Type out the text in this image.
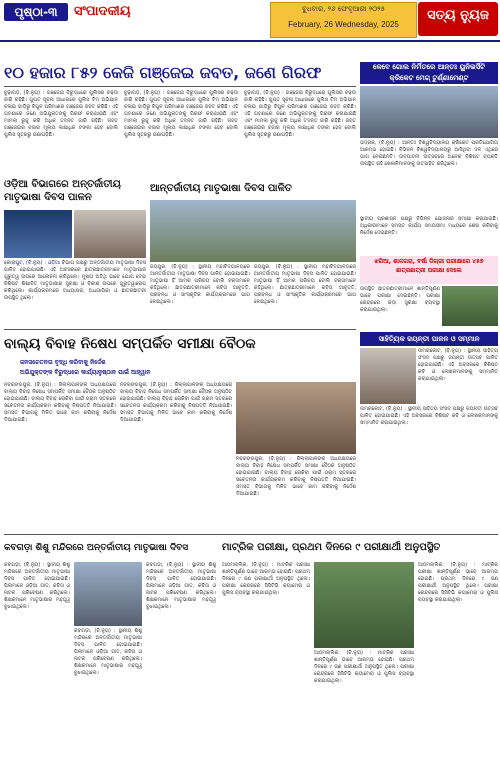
ପୃଷ୍ଠା-୩	ସଂପାଦକୀୟ	ବୁଧବାର, ୨୬ ଫେବୃଆରୀ ୨୦୨୫
February, 26 Wednesday, 2025
ସତ୍ୟ ନ୍ୟୁଜ
୧୦ ହଜାର ୮୫୨ କେଜି ଗଞ୍ଜେଇ ଜବତ, ଜଣେ ଗିରଫ
ବୁଢ଼ାଗଡ଼, (ବି.ନ୍ୟୁ) : ଗଞ୍ଜେଇ ବିରୁଦ୍ଧରେ ପୁଲିସର ଚଢ଼ଉ ଜାରି ରହିଛି। ଗୁପ୍ତ ସୂଚନା ଆଧାରରେ ପୁଲିସ ଟିମ୍ ଅଭିଯାନ ଚଳାଇ ଗାଡ଼ିରୁ ବିପୁଳ ପରିମାଣର ଗଞ୍ଜେଇ ଜବତ କରିଛି। ଏହି ଘଟଣାରେ ଜଣେ ଅଭିଯୁକ୍ତଙ୍କୁ ଗିରଫ କରାଯାଇଛି ଏବଂ ମାମଲା ରୁଜୁ କରି ଅଧିକ ତଦନ୍ତ ଜାରି ରହିଛି। ଜବତ ଗଞ୍ଜେଇର ବଜାର ମୂଲ୍ୟ ଲକ୍ଷାଧିକ ଟଙ୍କା ହେବ ବୋଲି ପୁଲିସ ସୂତ୍ରରୁ ଜଣାପଡ଼ିଛି।
ବୁଢ଼ାଗଡ଼, (ବି.ନ୍ୟୁ) : ଗଞ୍ଜେଇ ବିରୁଦ୍ଧରେ ପୁଲିସର ଚଢ଼ଉ ଜାରି ରହିଛି। ଗୁପ୍ତ ସୂଚନା ଆଧାରରେ ପୁଲିସ ଟିମ୍ ଅଭିଯାନ ଚଳାଇ ଗାଡ଼ିରୁ ବିପୁଳ ପରିମାଣର ଗଞ୍ଜେଇ ଜବତ କରିଛି। ଏହି ଘଟଣାରେ ଜଣେ ଅଭିଯୁକ୍ତଙ୍କୁ ଗିରଫ କରାଯାଇଛି ଏବଂ ମାମଲା ରୁଜୁ କରି ଅଧିକ ତଦନ୍ତ ଜାରି ରହିଛି। ଜବତ ଗଞ୍ଜେଇର ବଜାର ମୂଲ୍ୟ ଲକ୍ଷାଧିକ ଟଙ୍କା ହେବ ବୋଲି ପୁଲିସ ସୂତ୍ରରୁ ଜଣାପଡ଼ିଛି।
ବୁଢ଼ାଗଡ଼, (ବି.ନ୍ୟୁ) : ଗଞ୍ଜେଇ ବିରୁଦ୍ଧରେ ପୁଲିସର ଚଢ଼ଉ ଜାରି ରହିଛି। ଗୁପ୍ତ ସୂଚନା ଆଧାରରେ ପୁଲିସ ଟିମ୍ ଅଭିଯାନ ଚଳାଇ ଗାଡ଼ିରୁ ବିପୁଳ ପରିମାଣର ଗଞ୍ଜେଇ ଜବତ କରିଛି। ଏହି ଘଟଣାରେ ଜଣେ ଅଭିଯୁକ୍ତଙ୍କୁ ଗିରଫ କରାଯାଇଛି ଏବଂ ମାମଲା ରୁଜୁ କରି ଅଧିକ ତଦନ୍ତ ଜାରି ରହିଛି। ଜବତ ଗଞ୍ଜେଇର ବଜାର ମୂଲ୍ୟ ଲକ୍ଷାଧିକ ଟଙ୍କା ହେବ ବୋଲି ପୁଲିସ ସୂତ୍ରରୁ ଜଣାପଡ଼ିଛି।
କେବେ ଗୋଲ ନିର୍ମିତରେ ଆନ୍ତଃ ୟୁନିଭର୍ସିଟି କ୍ରିକେଟ ମେଗ୍ ଟୁର୍ଣ୍ଣାମେଣ୍ଟ
ଭଦ୍ରକ, (ବି.ନ୍ୟୁ) : ଆନ୍ତଃ ବିଶ୍ୱବିଦ୍ୟାଳୟ କ୍ରିକେଟ ପ୍ରତିଯୋଗିତା ଆରମ୍ଭ ହୋଇଛି। ବିଭିନ୍ନ ବିଶ୍ୱବିଦ୍ୟାଳୟରୁ ଆସିଥିବା ଦଳ ଏଥିରେ ଭାଗ ନେଇଛନ୍ତି। ଉଦ୍‌ଘାଟନୀ ଉତ୍ସବରେ ଅନେକ ବିଶିଷ୍ଟ ବ୍ୟକ୍ତି ଉପସ୍ଥିତ ରହି ଖେଳାଳିମାନଙ୍କୁ ଉତ୍ସାହିତ କରିଥିଲେ।
ଓଡ଼ିଆ ବିଭାଗରେ ଅନ୍ତର୍ଜାତୀୟ
ମାତୃଭାଷା ଦିବସ ପାଳନ
କୋରାପୁଟ, (ବି.ନ୍ୟୁ) : ଓଡ଼ିଆ ବିଭାଗ ପକ୍ଷରୁ ଅନ୍ତର୍ଜାତୀୟ ମାତୃଭାଷା ଦିବସ ପାଳିତ ହୋଇଯାଇଛି। ଏହି ଅବସରରେ ଛାତ୍ରଛାତ୍ରୀମାନେ ମାତୃଭାଷାର ଗୁରୁତ୍ୱ ଉପରେ ଆଲୋଚନା କରିଥିଲେ। ମୁଖ୍ୟ ଅତିଥି ଭାବେ ଯୋଗ ଦେଇ ବିଶିଷ୍ଟ ଶିକ୍ଷାବିତ୍ ମାତୃଭାଷାର ସୁରକ୍ଷା ଓ ବିକାଶ ଉପରେ ଗୁରୁତ୍ୱାରୋପ କରିଥିଲେ। କାର୍ଯ୍ୟକ୍ରମରେ ଅଧ୍ୟାପକ, ଅଧ୍ୟାପିକା ଓ ଛାତ୍ରଛାତ୍ରୀ ଉପସ୍ଥିତ ଥିଲେ।
ଆନ୍ତର୍ଜାତୀୟ ମାତୃଭାଷା ଦିବସ ପାଳିତ
ଜୟପୁର, (ବି.ନ୍ୟୁ) : ସ୍ଥାନୀୟ ମହାବିଦ୍ୟାଳୟରେ ଆନ୍ତର୍ଜାତୀୟ ମାତୃଭାଷା ଦିବସ ପାଳିତ ହୋଇଯାଇଛି। ମାତୃଭାଷା ହିଁ ଆମର ପରିଚୟ ବୋଲି ବକ୍ତାମାନେ କହିଥିଲେ। ଛାତ୍ରଛାତ୍ରୀମାନେ କବିତା ଆବୃତ୍ତି, ପ୍ରବନ୍ଧ ଓ ସାଂସ୍କୃତିକ କାର୍ଯ୍ୟକ୍ରମରେ ଭାଗ ନେଇଥିଲେ।
ଜୟପୁର, (ବି.ନ୍ୟୁ) : ସ୍ଥାନୀୟ ମହାବିଦ୍ୟାଳୟରେ ଆନ୍ତର୍ଜାତୀୟ ମାତୃଭାଷା ଦିବସ ପାଳିତ ହୋଇଯାଇଛି। ମାତୃଭାଷା ହିଁ ଆମର ପରିଚୟ ବୋଲି ବକ୍ତାମାନେ କହିଥିଲେ। ଛାତ୍ରଛାତ୍ରୀମାନେ କବିତା ଆବୃତ୍ତି, ପ୍ରବନ୍ଧ ଓ ସାଂସ୍କୃତିକ କାର୍ଯ୍ୟକ୍ରମରେ ଭାଗ ନେଇଥିଲେ।
ସ୍ଥାନୀୟ ପ୍ରଶାସନ ପକ୍ଷରୁ ବିଭିନ୍ନ ଯୋଜନାର ସମୀକ୍ଷା କରାଯାଇଛି। ଅଧିକାରୀମାନେ ସମସ୍ତ କାର୍ଯ୍ୟ ସମୟସୀମା ମଧ୍ୟରେ ଶେଷ କରିବାକୁ ନିର୍ଦ୍ଦେଶ ଦେଇଛନ୍ତି।
ଝରିଆ, ଶାଳଗରା, ବର୍ଷା ଡିଗ୍ରୀ ପରୀକ୍ଷାରେ ୪୫୭ ଛାତ୍ରଛାତ୍ରୀ ପରୀକ୍ଷା ଦେଲେ
ଉପସ୍ଥିତ ଛାତ୍ରଛାତ୍ରୀମାନେ ଶାନ୍ତିପୂର୍ଣ୍ଣ ଭାବେ ପରୀକ୍ଷା ଦେଇଛନ୍ତି। ପରୀକ୍ଷା କେନ୍ଦ୍ରରେ କଡ଼ା ସୁରକ୍ଷା ବ୍ୟବସ୍ଥା କରାଯାଇଥିଲା।
ବାଲ୍ୟ ବିବାହ ନିଷେଧ ସମ୍ପର୍କିତ ସମୀକ୍ଷା ବୈଠକ
ଜନସଚେତନତା ବୃଦ୍ଧି କରିବାକୁ ନିର୍ଦ୍ଦେଶ
ଅଭିଯୁକ୍ତଙ୍କ ବିରୁଦ୍ଧରେ କାର୍ଯ୍ୟାନୁଷ୍ଠାନ ପାଇଁ ଆହ୍ୱାନ
ନବରଙ୍ଗପୁର, (ବି.ନ୍ୟୁ) : ଜିଲ୍ଲାପାଳଙ୍କ ଅଧ୍ୟକ୍ଷତାରେ ବାଲ୍ୟ ବିବାହ ନିଷେଧ ସମ୍ପର୍କିତ ସମୀକ୍ଷା ବୈଠକ ଅନୁଷ୍ଠିତ ହୋଇଯାଇଛି। ବାଲ୍ୟ ବିବାହ ରୋକିବା ପାଇଁ ଗ୍ରାମ ସ୍ତରରେ ସଚେତନତା କାର୍ଯ୍ୟକ୍ରମ କରିବାକୁ ନିଷ୍ପତ୍ତି ନିଆଯାଇଛି। ସମସ୍ତ ବିଭାଗକୁ ମିଳିତ ଭାବେ କାମ କରିବାକୁ ନିର୍ଦ୍ଦେଶ ଦିଆଯାଇଛି।
ନବରଙ୍ଗପୁର, (ବି.ନ୍ୟୁ) : ଜିଲ୍ଲାପାଳଙ୍କ ଅଧ୍ୟକ୍ଷତାରେ ବାଲ୍ୟ ବିବାହ ନିଷେଧ ସମ୍ପର୍କିତ ସମୀକ୍ଷା ବୈଠକ ଅନୁଷ୍ଠିତ ହୋଇଯାଇଛି। ବାଲ୍ୟ ବିବାହ ରୋକିବା ପାଇଁ ଗ୍ରାମ ସ୍ତରରେ ସଚେତନତା କାର୍ଯ୍ୟକ୍ରମ କରିବାକୁ ନିଷ୍ପତ୍ତି ନିଆଯାଇଛି। ସମସ୍ତ ବିଭାଗକୁ ମିଳିତ ଭାବେ କାମ କରିବାକୁ ନିର୍ଦ୍ଦେଶ ଦିଆଯାଇଛି।
ନବରଙ୍ଗପୁର, (ବି.ନ୍ୟୁ) : ଜିଲ୍ଲାପାଳଙ୍କ ଅଧ୍ୟକ୍ଷତାରେ ବାଲ୍ୟ ବିବାହ ନିଷେଧ ସମ୍ପର୍କିତ ସମୀକ୍ଷା ବୈଠକ ଅନୁଷ୍ଠିତ ହୋଇଯାଇଛି। ବାଲ୍ୟ ବିବାହ ରୋକିବା ପାଇଁ ଗ୍ରାମ ସ୍ତରରେ ସଚେତନତା କାର୍ଯ୍ୟକ୍ରମ କରିବାକୁ ନିଷ୍ପତ୍ତି ନିଆଯାଇଛି। ସମସ୍ତ ବିଭାଗକୁ ମିଳିତ ଭାବେ କାମ କରିବାକୁ ନିର୍ଦ୍ଦେଶ ଦିଆଯାଇଛି।
ସାହିତ୍ୟିକ ଜୟନ୍ତୀ ପାଳନ ଓ ସମ୍ମାନ
ଉମରକୋଟ, (ବି.ନ୍ୟୁ) : ସ୍ଥାନୀୟ ସାହିତ୍ୟ ସଂସଦ ପକ୍ଷରୁ ଜୟନ୍ତୀ ଉତ୍ସବ ପାଳିତ ହୋଇଯାଇଛି। ଏହି ଅବସରରେ ବିଶିଷ୍ଟ କବି ଓ ଲେଖକମାନଙ୍କୁ ସମ୍ମାନିତ କରାଯାଇଥିଲା।
ଉମରକୋଟ, (ବି.ନ୍ୟୁ) : ସ୍ଥାନୀୟ ସାହିତ୍ୟ ସଂସଦ ପକ୍ଷରୁ ଜୟନ୍ତୀ ଉତ୍ସବ ପାଳିତ ହୋଇଯାଇଛି। ଏହି ଅବସରରେ ବିଶିଷ୍ଟ କବି ଓ ଲେଖକମାନଙ୍କୁ ସମ୍ମାନିତ କରାଯାଇଥିଲା।
କବଗଡ଼ା ଶିଶୁ ମନ୍ଦିରରେ ଅନ୍ତର୍ଜାତୀୟ ମାତୃଭାଷା ଦିବସ
କବଗଡ଼ା, (ବି.ନ୍ୟୁ) : ସ୍ଥାନୀୟ ଶିଶୁ ମନ୍ଦିରରେ ଅନ୍ତର୍ଜାତୀୟ ମାତୃଭାଷା ଦିବସ ପାଳିତ ହୋଇଯାଇଛି। ପିଲାମାନେ ଓଡ଼ିଆ ଗୀତ, କବିତା ଓ ନାଟକ ପରିବେଷଣ କରିଥିଲେ। ଶିକ୍ଷକମାନେ ମାତୃଭାଷାର ମହତ୍ତ୍ୱ ବୁଝାଇଥିଲେ।
କବଗଡ଼ା, (ବି.ନ୍ୟୁ) : ସ୍ଥାନୀୟ ଶିଶୁ ମନ୍ଦିରରେ ଅନ୍ତର୍ଜାତୀୟ ମାତୃଭାଷା ଦିବସ ପାଳିତ ହୋଇଯାଇଛି। ପିଲାମାନେ ଓଡ଼ିଆ ଗୀତ, କବିତା ଓ ନାଟକ ପରିବେଷଣ କରିଥିଲେ। ଶିକ୍ଷକମାନେ ମାତୃଭାଷାର ମହତ୍ତ୍ୱ ବୁଝାଇଥିଲେ।
କବଗଡ଼ା, (ବି.ନ୍ୟୁ) : ସ୍ଥାନୀୟ ଶିଶୁ ମନ୍ଦିରରେ ଅନ୍ତର୍ଜାତୀୟ ମାତୃଭାଷା ଦିବସ ପାଳିତ ହୋଇଯାଇଛି। ପିଲାମାନେ ଓଡ଼ିଆ ଗୀତ, କବିତା ଓ ନାଟକ ପରିବେଷଣ କରିଥିଲେ। ଶିକ୍ଷକମାନେ ମାତୃଭାଷାର ମହତ୍ତ୍ୱ ବୁଝାଇଥିଲେ।
ମାଟ୍ରିକ ପରୀକ୍ଷା, ପ୍ରଥମ ଦିନରେ ୯ ପରୀକ୍ଷାର୍ଥୀ ଅନୁପସ୍ଥିତ
ଆଠମଲ୍ଲିକ, (ବି.ନ୍ୟୁ) : ମାଟ୍ରିକ ପରୀକ୍ଷା ଶାନ୍ତିପୂର୍ଣ୍ଣ ଭାବେ ଆରମ୍ଭ ହୋଇଛି। ପ୍ରଥମ ଦିନରେ ୯ ଜଣ ପରୀକ୍ଷାର୍ଥୀ ଅନୁପସ୍ଥିତ ଥିଲେ। ପରୀକ୍ଷା କେନ୍ଦ୍ରରେ ସିସିଟିଭି କ୍ୟାମେରା ଓ ପୁଲିସ ବ୍ୟବସ୍ଥା କରାଯାଇଥିଲା।
ଆଠମଲ୍ଲିକ, (ବି.ନ୍ୟୁ) : ମାଟ୍ରିକ ପରୀକ୍ଷା ଶାନ୍ତିପୂର୍ଣ୍ଣ ଭାବେ ଆରମ୍ଭ ହୋଇଛି। ପ୍ରଥମ ଦିନରେ ୯ ଜଣ ପରୀକ୍ଷାର୍ଥୀ ଅନୁପସ୍ଥିତ ଥିଲେ। ପରୀକ୍ଷା କେନ୍ଦ୍ରରେ ସିସିଟିଭି କ୍ୟାମେରା ଓ ପୁଲିସ ବ୍ୟବସ୍ଥା କରାଯାଇଥିଲା।
ଆଠମଲ୍ଲିକ, (ବି.ନ୍ୟୁ) : ମାଟ୍ରିକ ପରୀକ୍ଷା ଶାନ୍ତିପୂର୍ଣ୍ଣ ଭାବେ ଆରମ୍ଭ ହୋଇଛି। ପ୍ରଥମ ଦିନରେ ୯ ଜଣ ପରୀକ୍ଷାର୍ଥୀ ଅନୁପସ୍ଥିତ ଥିଲେ। ପରୀକ୍ଷା କେନ୍ଦ୍ରରେ ସିସିଟିଭି କ୍ୟାମେରା ଓ ପୁଲିସ ବ୍ୟବସ୍ଥା କରାଯାଇଥିଲା।
